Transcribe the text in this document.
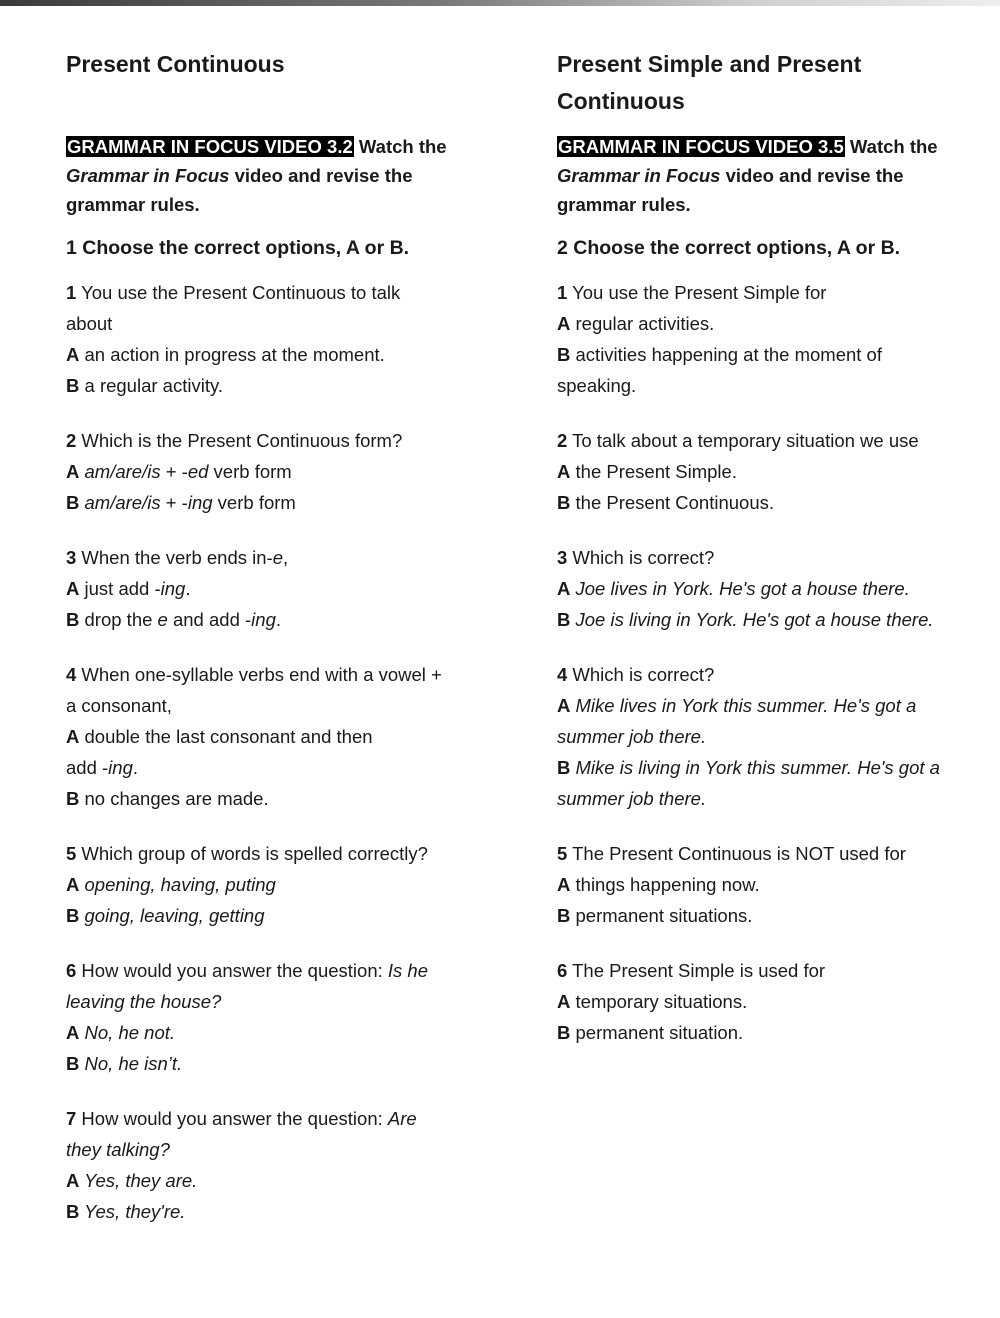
Present Continuous

GRAMMAR IN FOCUS VIDEO 3.2 Watch the
Grammar in Focus video and revise the
grammar rules.

1 Choose the correct options, A or B.

1 You use the Present Continuous to talk

about

A an action in progress at the moment.

B a regular activity.

2 Which is the Present Continuous form?

A am/are/is + -ed verb form

B am/are/is + -ing verb form

3 When the verb ends in-e,

A just add -ing.

B drop the e and add -ing.

4 When one-syllable verbs end with a vowel +

a consonant,

A double the last consonant and then

add -ing.

B no changes are made.

5 Which group of words is spelled correctly?

A opening, having, puting

B going, leaving, getting

6 How would you answer the question: Is he

leaving the house?

A No, he not.

B No, he isn’t.

7 How would you answer the question: Are

they talking?

A Yes, they are.

B Yes, they're.

Present Simple and Present
Continuous

GRAMMAR IN FOCUS VIDEO 3.5 Watch the
Grammar in Focus video and revise the
grammar rules.

2 Choose the correct options, A or B.

1 You use the Present Simple for

A regular activities.

B activities happening at the moment of

speaking.

2 To talk about a temporary situation we use

A the Present Simple.

B the Present Continuous.

3 Which is correct?

A Joe lives in York. He's got a house there.

B Joe is living in York. He's got a house there.

4 Which is correct?

A Mike lives in York this summer. He's got a

summer job there.

B Mike is living in York this summer. He's got a

summer job there.

5 The Present Continuous is NOT used for

A things happening now.

B permanent situations.

6 The Present Simple is used for

A temporary situations.

B permanent situation.
